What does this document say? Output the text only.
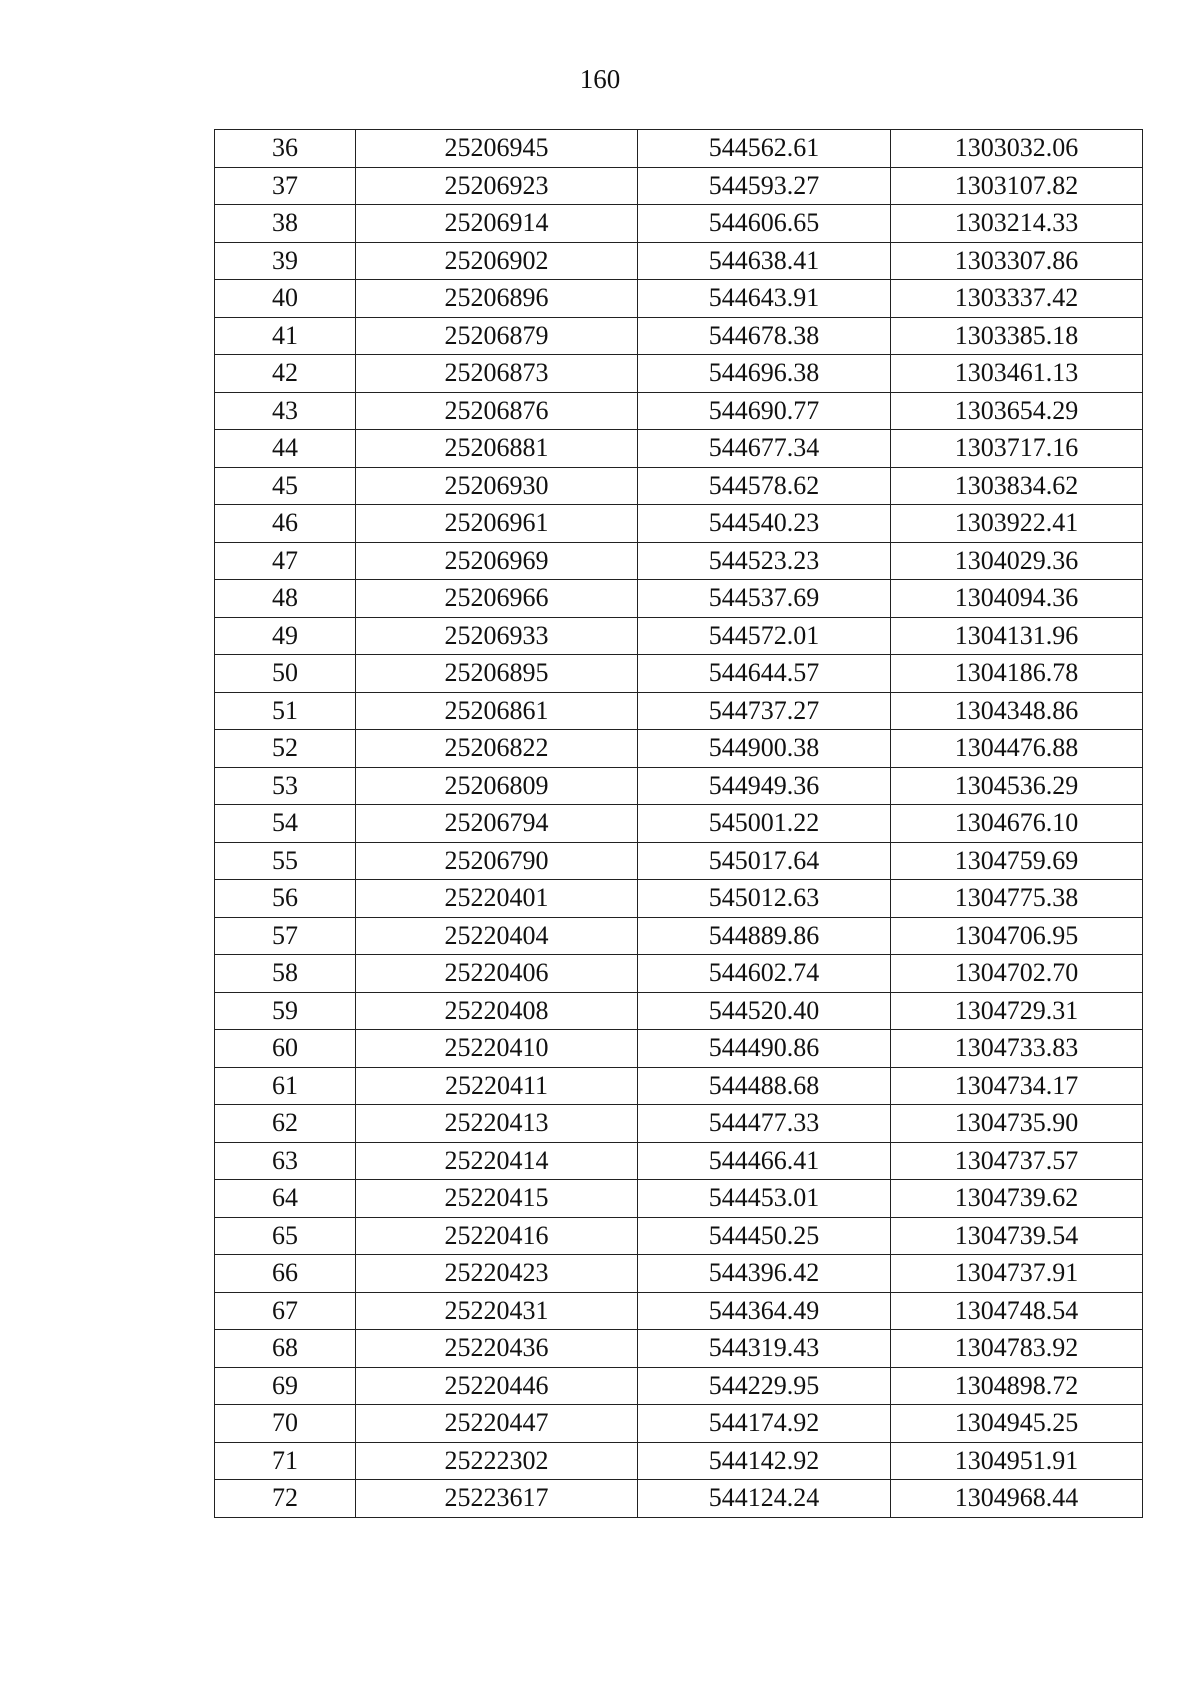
160
36	25206945	544562.61	1303032.06
37	25206923	544593.27	1303107.82
38	25206914	544606.65	1303214.33
39	25206902	544638.41	1303307.86
40	25206896	544643.91	1303337.42
41	25206879	544678.38	1303385.18
42	25206873	544696.38	1303461.13
43	25206876	544690.77	1303654.29
44	25206881	544677.34	1303717.16
45	25206930	544578.62	1303834.62
46	25206961	544540.23	1303922.41
47	25206969	544523.23	1304029.36
48	25206966	544537.69	1304094.36
49	25206933	544572.01	1304131.96
50	25206895	544644.57	1304186.78
51	25206861	544737.27	1304348.86
52	25206822	544900.38	1304476.88
53	25206809	544949.36	1304536.29
54	25206794	545001.22	1304676.10
55	25206790	545017.64	1304759.69
56	25220401	545012.63	1304775.38
57	25220404	544889.86	1304706.95
58	25220406	544602.74	1304702.70
59	25220408	544520.40	1304729.31
60	25220410	544490.86	1304733.83
61	25220411	544488.68	1304734.17
62	25220413	544477.33	1304735.90
63	25220414	544466.41	1304737.57
64	25220415	544453.01	1304739.62
65	25220416	544450.25	1304739.54
66	25220423	544396.42	1304737.91
67	25220431	544364.49	1304748.54
68	25220436	544319.43	1304783.92
69	25220446	544229.95	1304898.72
70	25220447	544174.92	1304945.25
71	25222302	544142.92	1304951.91
72	25223617	544124.24	1304968.44
